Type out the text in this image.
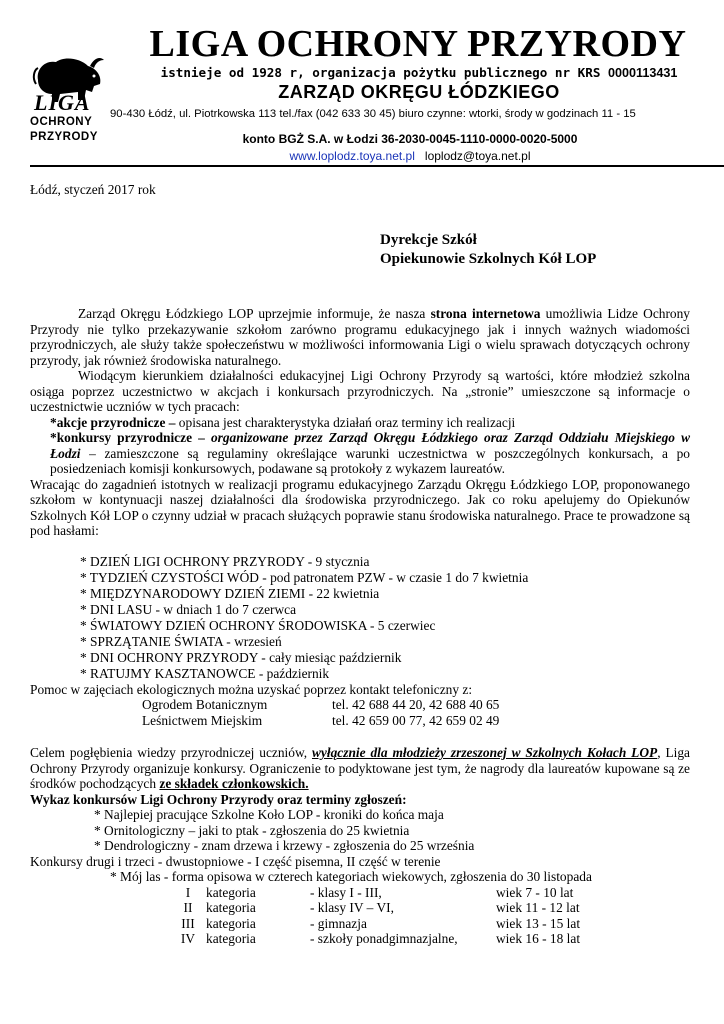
LIGA
OCHRONY
PRZYRODY
LIGA OCHRONY PRZYRODY
istnieje od 1928 r, organizacja pożytku publicznego nr KRS 0000113431
ZARZĄD OKRĘGU ŁÓDZKIEGO
90-430 Łódź, ul. Piotrkowska 113 tel./fax (042 633 30 45) biuro czynne: wtorki, środy w godzinach 11 - 15
konto BGŻ S.A. w Łodzi 36-2030-0045-1110-0000-0020-5000
www.loplodz.toya.net.pl loplodz@toya.net.pl
Łódź, styczeń 2017 rok
Dyrekcje Szkół
Opiekunowie Szkolnych Kół LOP

Zarząd Okręgu Łódzkiego LOP uprzejmie informuje, że nasza strona internetowa umożliwia Lidze Ochrony Przyrody nie tylko przekazywanie szkołom zarówno programu edukacyjnego jak i innych ważnych wiadomości przyrodniczych, ale służy także społeczeństwu w możliwości informowania Ligi o wielu sprawach dotyczących ochrony przyrody, jak również środowiska naturalnego.

Wiodącym kierunkiem działalności edukacyjnej Ligi Ochrony Przyrody są wartości, które młodzież szkolna osiąga poprzez uczestnictwo w akcjach i konkursach przyrodniczych. Na „stronie” umieszczone są informacje o uczestnictwie uczniów w tych pracach:

*akcje przyrodnicze – opisana jest charakterystyka działań oraz terminy ich realizacji

*konkursy przyrodnicze – organizowane przez Zarząd Okręgu Łódzkiego oraz Zarząd Oddziału Miejskiego w Łodzi – zamieszczone są regulaminy określające warunki uczestnictwa w poszczególnych konkursach, a po posiedzeniach komisji konkursowych, podawane są protokoły z wykazem laureatów.

Wracając do zagadnień istotnych w realizacji programu edukacyjnego Zarządu Okręgu Łódzkiego LOP, proponowanego szkołom w kontynuacji naszej działalności dla środowiska przyrodniczego. Jak co roku apelujemy do Opiekunów Szkolnych Kół LOP o czynny udział w pracach służących poprawie stanu środowiska naturalnego. Prace te prowadzone są pod hasłami:

* DZIEŃ LIGI OCHRONY PRZYRODY - 9 stycznia
* TYDZIEŃ CZYSTOŚCI WÓD - pod patronatem PZW - w czasie 1 do 7 kwietnia
* MIĘDZYNARODOWY DZIEŃ ZIEMI - 22 kwietnia
* DNI LASU - w dniach 1 do 7 czerwca
* ŚWIATOWY DZIEŃ OCHRONY ŚRODOWISKA - 5 czerwiec
* SPRZĄTANIE ŚWIATA - wrzesień
* DNI OCHRONY PRZYRODY - cały miesiąc październik
* RATUJMY KASZTANOWCE - październik

Pomoc w zajęciach ekologicznych można uzyskać poprzez kontakt telefoniczny z:

Ogrodem Botanicznym	tel. 42 688 44 20, 42 688 40 65
Leśnictwem Miejskim	tel. 42 659 00 77, 42 659 02 49

Celem pogłębienia wiedzy przyrodniczej uczniów, wyłącznie dla młodzieży zrzeszonej w Szkolnych Kołach LOP, Liga Ochrony Przyrody organizuje konkursy. Ograniczenie to podyktowane jest tym, że nagrody dla laureatów kupowane są ze środków pochodzących ze składek członkowskich.

Wykaz konkursów Ligi Ochrony Przyrody oraz terminy zgłoszeń:

* Najlepiej pracujące Szkolne Koło LOP - kroniki do końca maja
* Ornitologiczny – jaki to ptak - zgłoszenia do 25 kwietnia
* Dendrologiczny - znam drzewa i krzewy - zgłoszenia do 25 września

Konkursy drugi i trzeci - dwustopniowe - I część pisemna, II część w terenie

* Mój las - forma opisowa w czterech kategoriach wiekowych, zgłoszenia do 30 listopada

I	kategoria	- klasy I - III,	wiek 7 - 10 lat
II	kategoria	- klasy IV – VI,	wiek 11 - 12 lat
III	kategoria	- gimnazja	wiek 13 - 15 lat
IV	kategoria	- szkoły ponadgimnazjalne,	wiek 16 - 18 lat
